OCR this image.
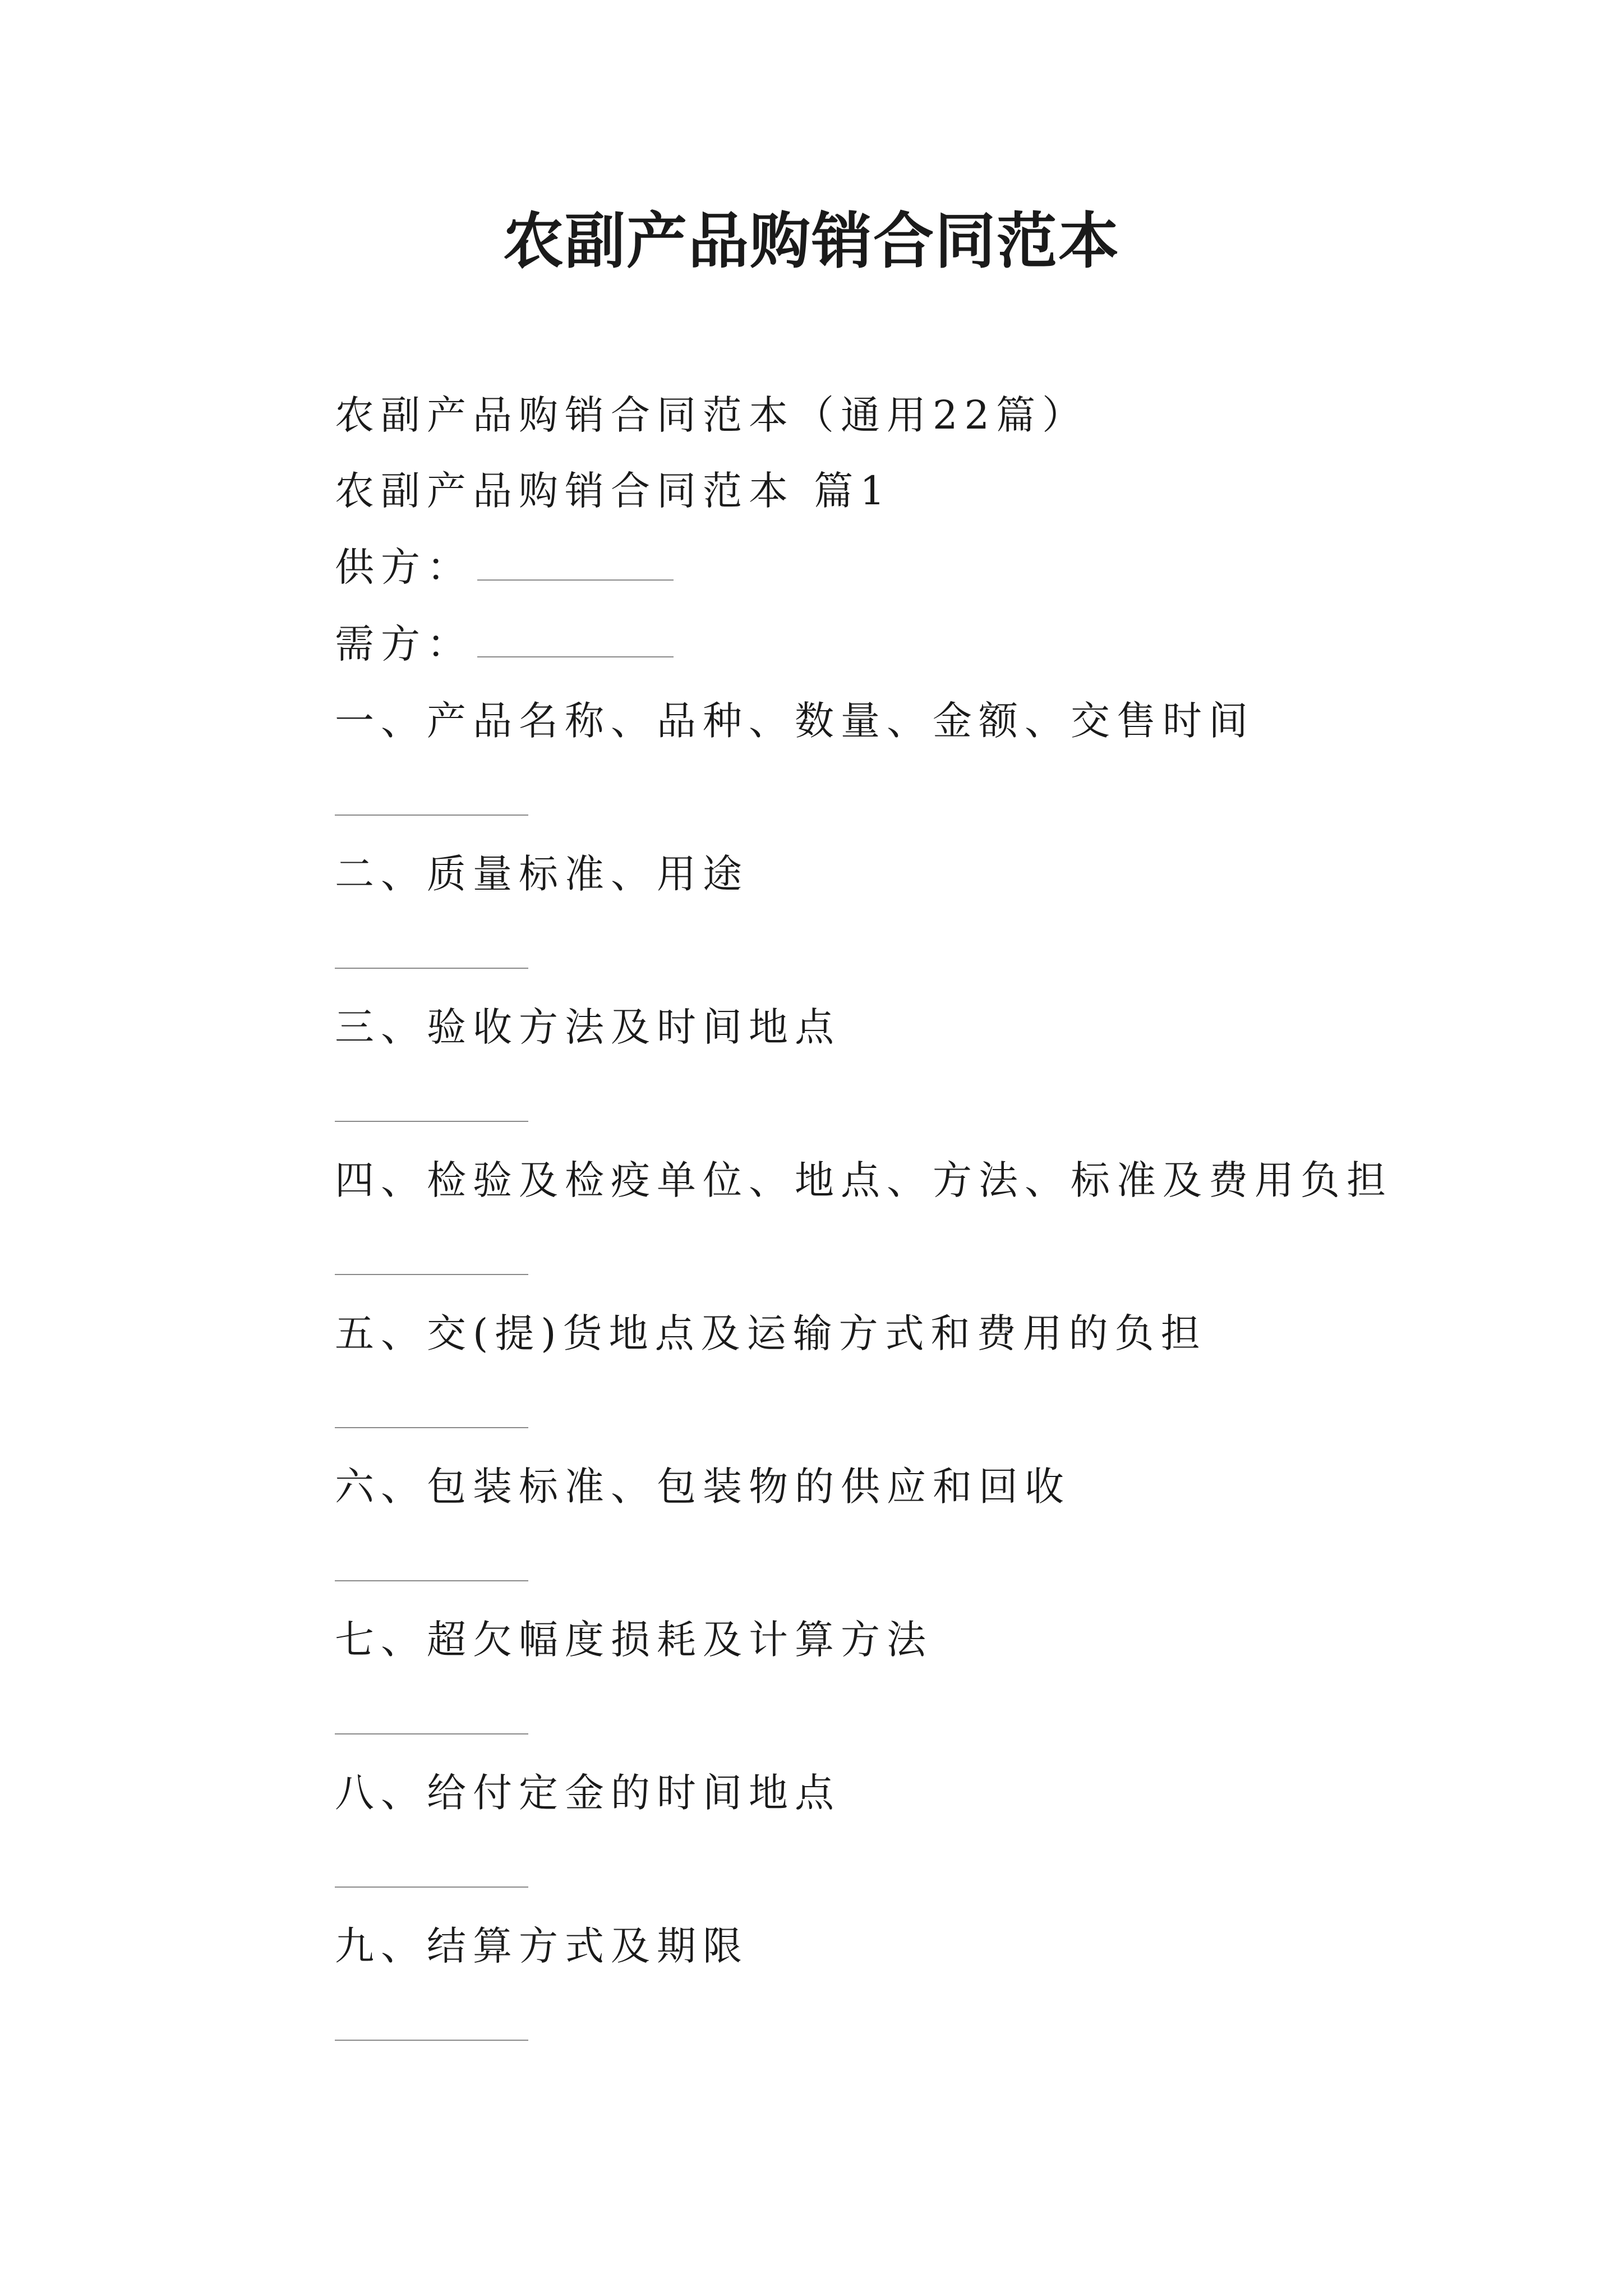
农副产品购销合同范本
农副产品购销合同范本（通用22篇）
农副产品购销合同范本 篇1
供方：
需方：
一、产品名称、品种、数量、金额、交售时间
二、质量标准、用途
三、验收方法及时间地点
四、检验及检疫单位、地点、方法、标准及费用负担
五、交(提)货地点及运输方式和费用的负担
六、包装标准、包装物的供应和回收
七、超欠幅度损耗及计算方法
八、给付定金的时间地点
九、结算方式及期限
